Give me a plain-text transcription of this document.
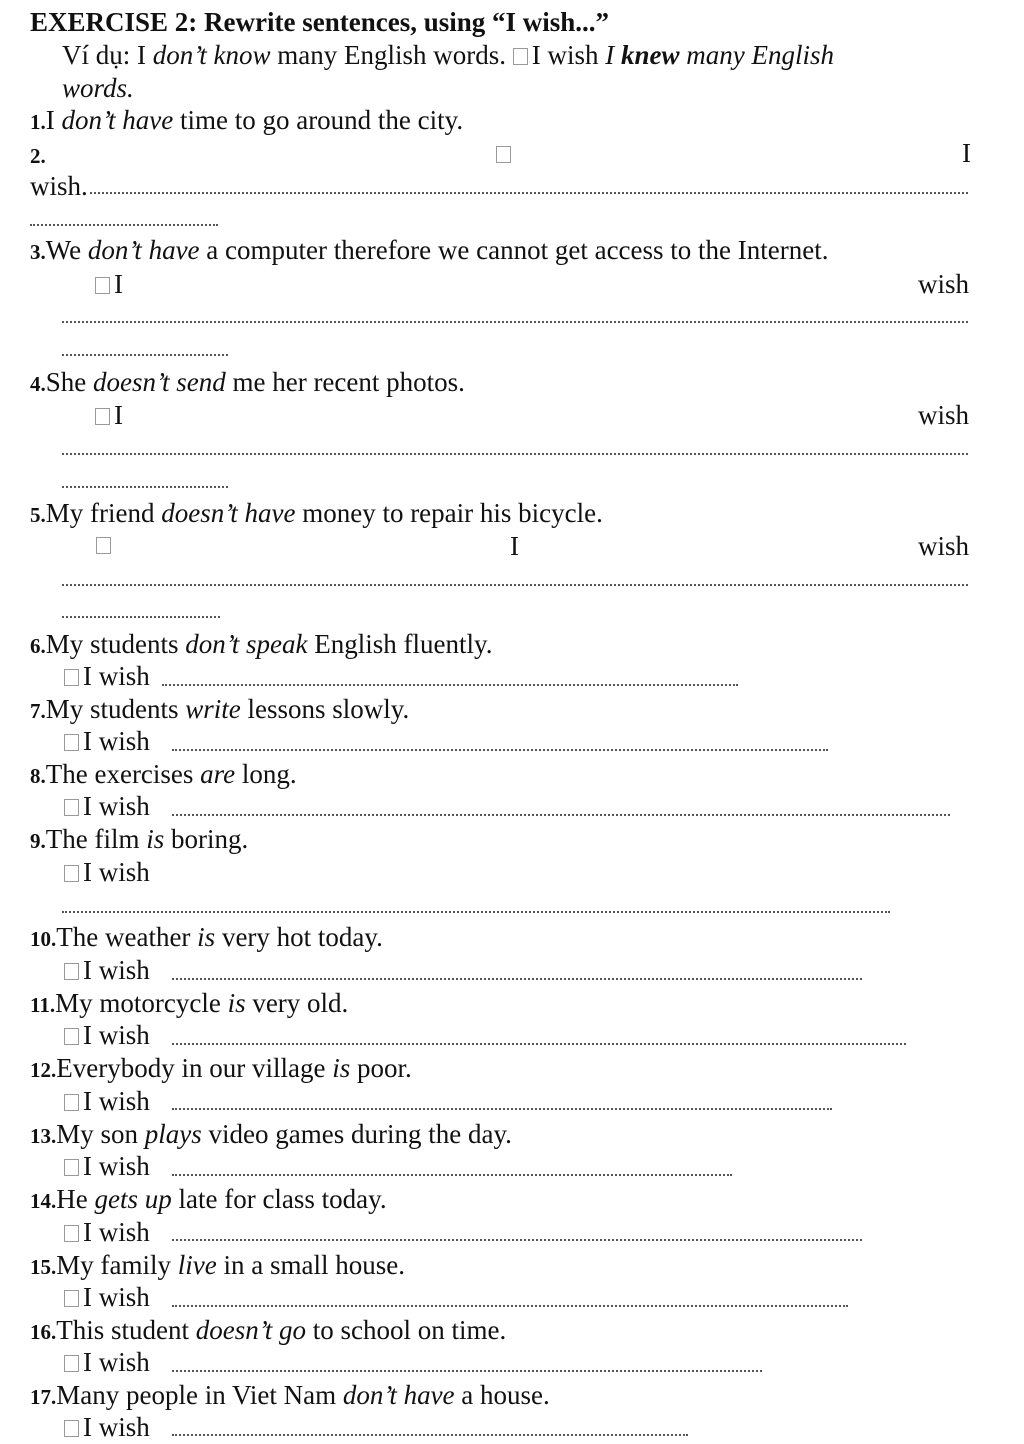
EXERCISE 2: Rewrite sentences, using “I wish...”
Ví dụ: I don’t know many English words. I wish I knew many English
words.
1.I don’t have time to go around the city.
2.	I
wish.
3.We don’t have a computer therefore we cannot get access to the Internet.
I	wish
4.She doesn’t send me her recent photos.
I	wish
5.My friend doesn’t have money to repair his bicycle.
I	wish
6.My students don’t speak English fluently.
I wish
7.My students write lessons slowly.
I wish
8.The exercises are long.
I wish
9.The film is boring.
I wish
10.The weather is very hot today.
I wish
11.My motorcycle is very old.
I wish
12.Everybody in our village is poor.
I wish
13.My son plays video games during the day.
I wish
14.He gets up late for class today.
I wish
15.My family live in a small house.
I wish
16.This student doesn’t go to school on time.
I wish
17.Many people in Viet Nam don’t have a house.
I wish
